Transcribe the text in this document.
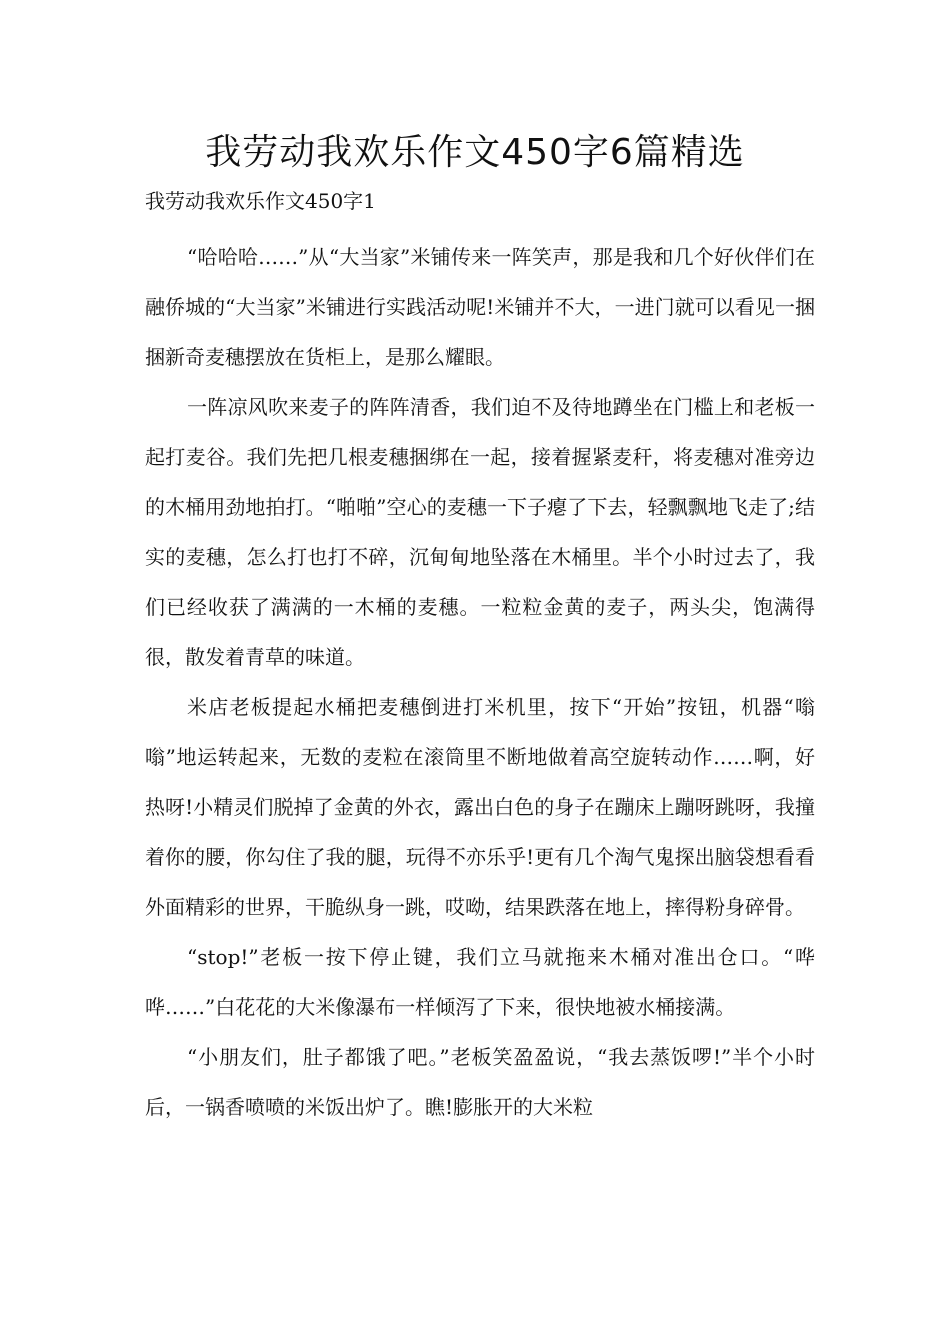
我劳动我欢乐作文450字6篇精选

我劳动我欢乐作文450字1

“哈哈哈……”从“大当家”米铺传来一阵笑声，那是我和几个好伙伴们在融侨城的“大当家”米铺进行实践活动呢!米铺并不大，一进门就可以看见一捆捆新奇麦穗摆放在货柜上，是那么耀眼。

一阵凉风吹来麦子的阵阵清香，我们迫不及待地蹲坐在门槛上和老板一起打麦谷。我们先把几根麦穗捆绑在一起，接着握紧麦秆，将麦穗对准旁边的木桶用劲地拍打。“啪啪”空心的麦穗一下子瘪了下去，轻飘飘地飞走了;结实的麦穗，怎么打也打不碎，沉甸甸地坠落在木桶里。半个小时过去了，我们已经收获了满满的一木桶的麦穗。一粒粒金黄的麦子，两头尖，饱满得很，散发着青草的味道。

米店老板提起水桶把麦穗倒进打米机里，按下“开始”按钮，机器“嗡嗡”地运转起来，无数的麦粒在滚筒里不断地做着高空旋转动作……啊，好热呀!小精灵们脱掉了金黄的外衣，露出白色的身子在蹦床上蹦呀跳呀，我撞着你的腰，你勾住了我的腿，玩得不亦乐乎!更有几个淘气鬼探出脑袋想看看外面精彩的世界，干脆纵身一跳，哎呦，结果跌落在地上，摔得粉身碎骨。

“stop!”老板一按下停止键，我们立马就拖来木桶对准出仓口。“哗哗……”白花花的大米像瀑布一样倾泻了下来，很快地被水桶接满。

“小朋友们，肚子都饿了吧。”老板笑盈盈说，“我去蒸饭啰!”半个小时后，一锅香喷喷的米饭出炉了。瞧!膨胀开的大米粒
